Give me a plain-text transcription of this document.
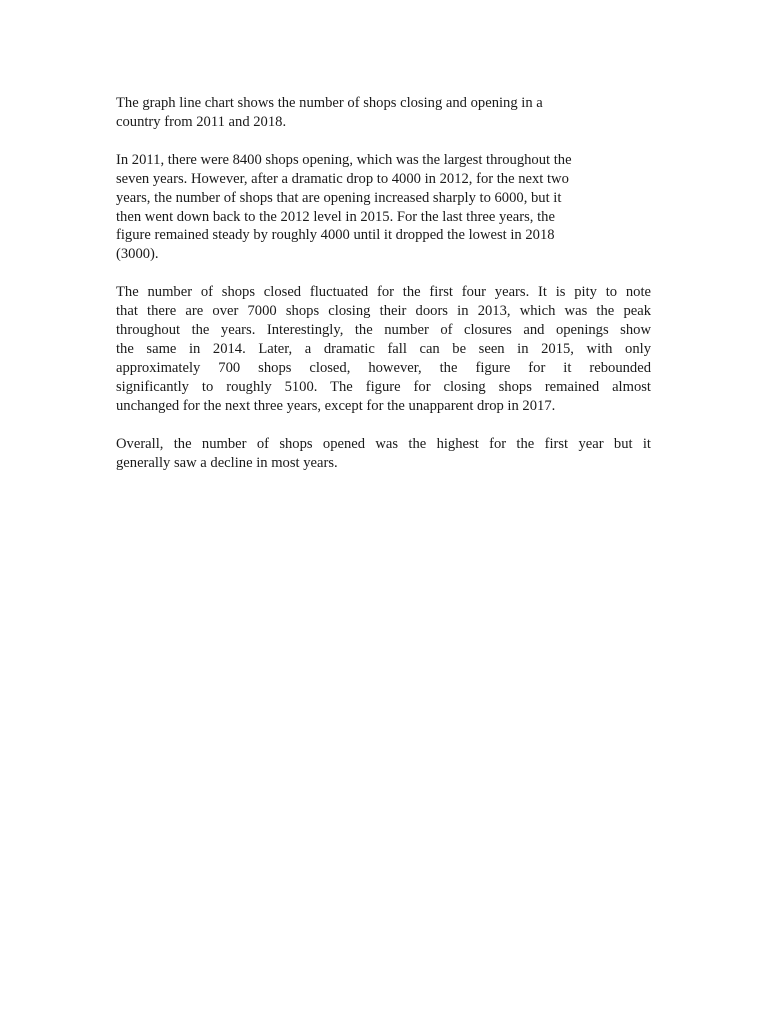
The graph line chart shows the number of shops closing and opening in a
country from 2011 and 2018.

In 2011, there were 8400 shops opening, which was the largest throughout the
seven years. However, after a dramatic drop to 4000 in 2012, for the next two
years, the number of shops that are opening increased sharply to 6000, but it
then went down back to the 2012 level in 2015. For the last three years, the
figure remained steady by roughly 4000 until it dropped the lowest in 2018
(3000).

The number of shops closed fluctuated for the first four years. It is pity to note
that there are over 7000 shops closing their doors in 2013, which was the peak
throughout the years. Interestingly, the number of closures and openings show
the same in 2014. Later, a dramatic fall can be seen in 2015, with only
approximately 700 shops closed, however, the figure for it rebounded
significantly to roughly 5100. The figure for closing shops remained almost
unchanged for the next three years, except for the unapparent drop in 2017.

Overall, the number of shops opened was the highest for the first year but it
generally saw a decline in most years.
